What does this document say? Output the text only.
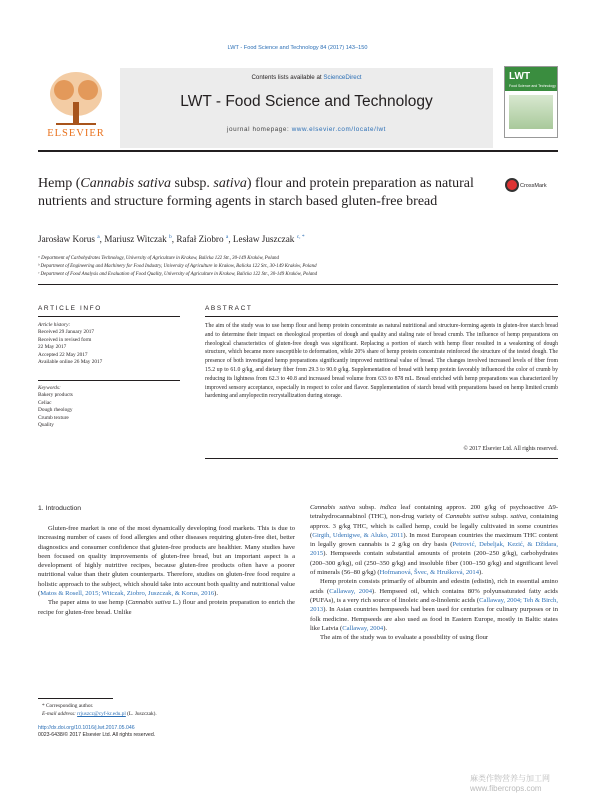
LWT - Food Science and Technology 84 (2017) 143–150
Contents lists available at ScienceDirect
LWT - Food Science and Technology
journal homepage: www.elsevier.com/locate/lwt
ELSEVIER
LWT
Food Science and Technology
Hemp (Cannabis sativa subsp. sativa) flour and protein preparation as natural nutrients and structure forming agents in starch based gluten-free bread
CrossMark
Jarosław Korus $^a$, Mariusz Witczak $^b$, Rafał Ziobro $^a$, Lesław Juszczak $^{c, *}$
ᵃ Department of Carbohydrates Technology, University of Agriculture in Krakow, Balicka 122 Str., 30-149 Kraków, Poland
ᵇ Department of Engineering and Machinery for Food Industry, University of Agriculture in Krakow, Balicka 122 Str., 30-149 Kraków, Poland
ᶜ Department of Food Analysis and Evaluation of Food Quality, University of Agriculture in Krakow, Balicka 122 Str., 30-149 Kraków, Poland
ARTICLE INFO	ABSTRACT
Article history:
Received 29 January 2017
Received in revised form
22 May 2017
Accepted 22 May 2017
Available online 26 May 2017
Keywords:
Bakery products
Celiac
Dough rheology
Crumb texture
Quality
The aim of the study was to use hemp flour and hemp protein concentrate as natural nutritional and structure-forming agents in gluten-free starch bread and to determine their impact on rheological properties of dough and quality and staling rate of bread crumb. The influence of hemp preparations on rheological characteristics of gluten-free dough was significant. Replacing a portion of starch with hemp flour resulted in a weakening of dough structure, which became more susceptible to deformation, while 20% share of hemp protein concentrate reinforced the structure of the tested dough. The presence of both investigated hemp preparations significantly improved nutritional value of bread. The changes involved increased levels of fiber from 15.2 up to 61.0 g/kg, and dietary fiber from 29.3 to 90.0 g/kg. Supplementation of bread with hemp protein favorably influenced the color of crumb by reducing its lightness from 62.3 to 40.8 and increased bread volume from 633 to 878 mL. Bread enriched with hemp preparations was characterized by improved sensory acceptance, especially in respect to color and flavor. Supplementation of starch bread with preparations based on hemp limited crumb hardening and amylopectin recrystallization during storage.
© 2017 Elsevier Ltd. All rights reserved.
1. Introduction

Gluten-free market is one of the most dynamically developing food markets. This is due to increasing number of cases of food allergies and other diseases requiring gluten-free diet, better diagnostics and consumer confidence that gluten-free products are healthier. Many studies have been focused on quality improvements of gluten-free bread, but an important aspect is a development of highly nutritive recipes, because gluten-free products often have a poorer nutritional value than their gluten counterparts. Therefore, studies on gluten-free food require a holistic approach to the subject, which should take into account both quality and nutritional value (Matos & Rosell, 2015; Witczak, Ziobro, Juszczak, & Korus, 2016).

The paper aims to use hemp (Cannabis sativa L.) flour and protein preparation to enrich the recipe for gluten-free bread. Unlike

Cannabis sativa subsp. indica leaf containing approx. 200 g/kg of psychoactive Δ9-tetrahydrocannabinol (THC), non-drug variety of Cannabis sativa subsp. sativa, containing approx. 3 g/kg THC, which is called hemp, could be legally cultivated in some countries (Girgih, Udenigwe, & Aluko, 2011). In most European countries the maximum THC content in legally grown cannabis is 2 g/kg on dry basis (Petrović, Debeljak, Kezić, & Džidara, 2015). Hempseeds contain substantial amounts of protein (200–250 g/kg), carbohydrates (200–300 g/kg), oil (250–350 g/kg) and insoluble fiber (100–150 g/kg) and significant level of minerals (56–80 g/kg) (Hofmanová, Švec, & Hrušková, 2014).

Hemp protein consists primarily of albumin and edestin (edistin), rich in essential amino acids (Callaway, 2004). Hempseed oil, which contains 80% polyunsaturated fatty acids (PUFAs), is a very rich source of linoleic and α-linolenic acids (Callaway, 2004; Teh & Birch, 2013). In Asian countries hempseeds had been used for centuries for culinary purposes or in folk medicine. Hempseeds are also used as food in Eastern Europe, mostly in Baltic states like Latvia (Callaway, 2004).

The aim of the study was to evaluate a possibility of using flour

* Corresponding author.
E-mail address: rrjuszcz@cyf-kr.edu.pl (L. Juszczak).
http://dx.doi.org/10.1016/j.lwt.2017.05.046
0023-6438/© 2017 Elsevier Ltd. All rights reserved.
麻类作物营养与加工网 www.fibercrops.com
